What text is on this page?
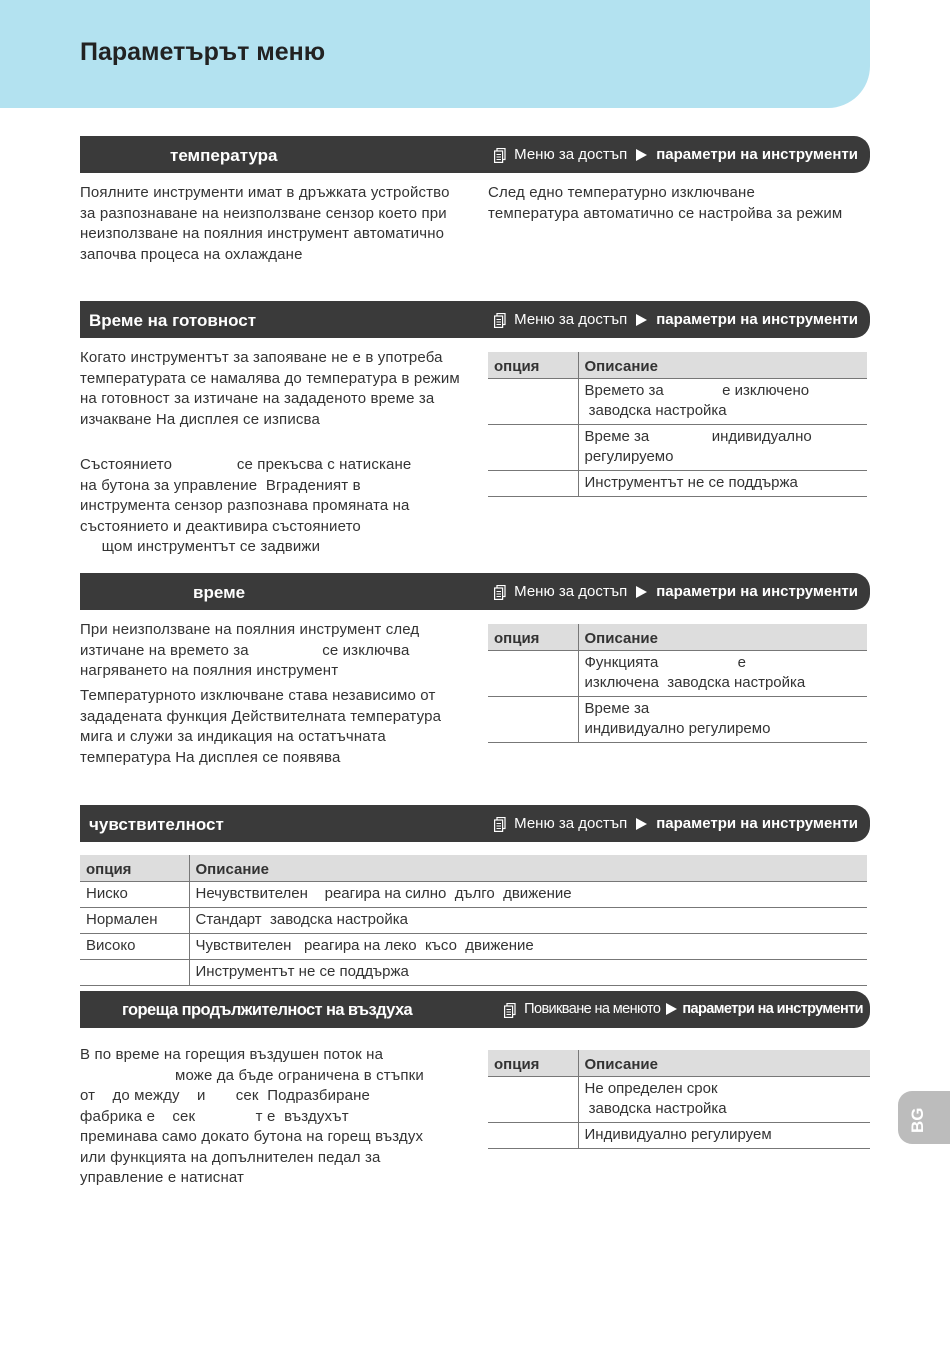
Параметърът меню
температура	Меню за достъп параметри на инструменти

Поялните инструменти имат в дръжката устройство за разпознаване на неизползване сензор което при неизползване на поялния инструмент автоматично започва процеса на охлаждане

След едно температурно изключване температура автоматично се настройва за режим

Време на готовност	Меню за достъп параметри на инструменти

Когато инструментът за запояване не е в употреба температурата се намалява до температура в режим на готовност за изтичане на зададеното време за изчакване На дисплея се изписва

Състоянието               се прекъсва с натискане
на бутона за управление  Вграденият в
инструмента сензор разпознава промяната на
състоянието и деактивира състоянието
щом инструментът се задвижи
опция	Описание

	Времето за              е изключено
заводска настройка

	Време за               индивидуално
регулируемо

	Инструментът не се поддържа
време	Меню за достъп параметри на инструменти
При неизползване на поялния инструмент след
изтичане на времето за                 се изключва
нагряването на поялния инструмент

Температурното изключване става независимо от зададената функция Действителната температура мига и служи за индикация на остатъчната температура На дисплея се появява

опция	Описание

	Функцията                   е
изключена  заводска настройка

	Време за
индивидуално регулиремо
чувствителност	Меню за достъп параметри на инструменти
опция	Описание
Ниско	Нечувствителен    реагира на силно  дълго  движение
Нормален	Стандарт  заводска настройка
Високо	Чувствителен   реагира на леко  късо  движение
	Инструментът не се поддържа
гореща продължителност на въздуха	Повикване на менюто параметри на инструменти
В по време на горещия въздушен поток на
може да бъде ограничена в стъпки
от    до между    и       сек  Подразбиране
фабрика е    сек              т е  въздухът
преминава само докато бутона на горещ въздух
или функцията на допълнителен педал за
управление е натиснат
опция	Описание

	Не определен срок
заводска настройка

	Индивидуално регулируем
BG
